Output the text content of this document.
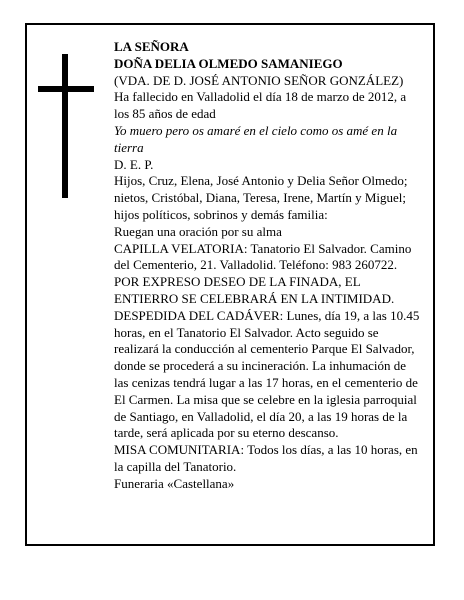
LA SEÑORA

DOÑA DELIA OLMEDO SAMANIEGO

(VDA. DE D. JOSÉ ANTONIO SEÑOR GONZÁLEZ)

Ha fallecido en Valladolid el día 18 de marzo de 2012, a los 85 años de edad

Yo muero pero os amaré en el cielo como os amé en la tierra

D. E. P.

Hijos, Cruz, Elena, José Antonio y Delia Señor Olmedo; nietos, Cristóbal, Diana, Teresa, Irene, Martín y Miguel; hijos políticos, sobrinos y demás familia:

Ruegan una oración por su alma

CAPILLA VELATORIA: Tanatorio El Salvador. Camino del Cementerio, 21. Valladolid. Teléfono: 983 260722.

POR EXPRESO DESEO DE LA FINADA, EL ENTIERRO SE CELEBRARÁ EN LA INTIMIDAD.

DESPEDIDA DEL CADÁVER: Lunes, día 19, a las 10.45 horas, en el Tanatorio El Salvador. Acto seguido se realizará la conducción al cementerio Parque El Salvador, donde se procederá a su incineración. La inhumación de las cenizas tendrá lugar a las 17 horas, en el cementerio de El Carmen. La misa que se celebre en la iglesia parroquial de Santiago, en Valladolid, el día 20, a las 19 horas de la tarde, será aplicada por su eterno descanso.

MISA COMUNITARIA: Todos los días, a las 10 horas, en la capilla del Tanatorio.

Funeraria «Castellana»
